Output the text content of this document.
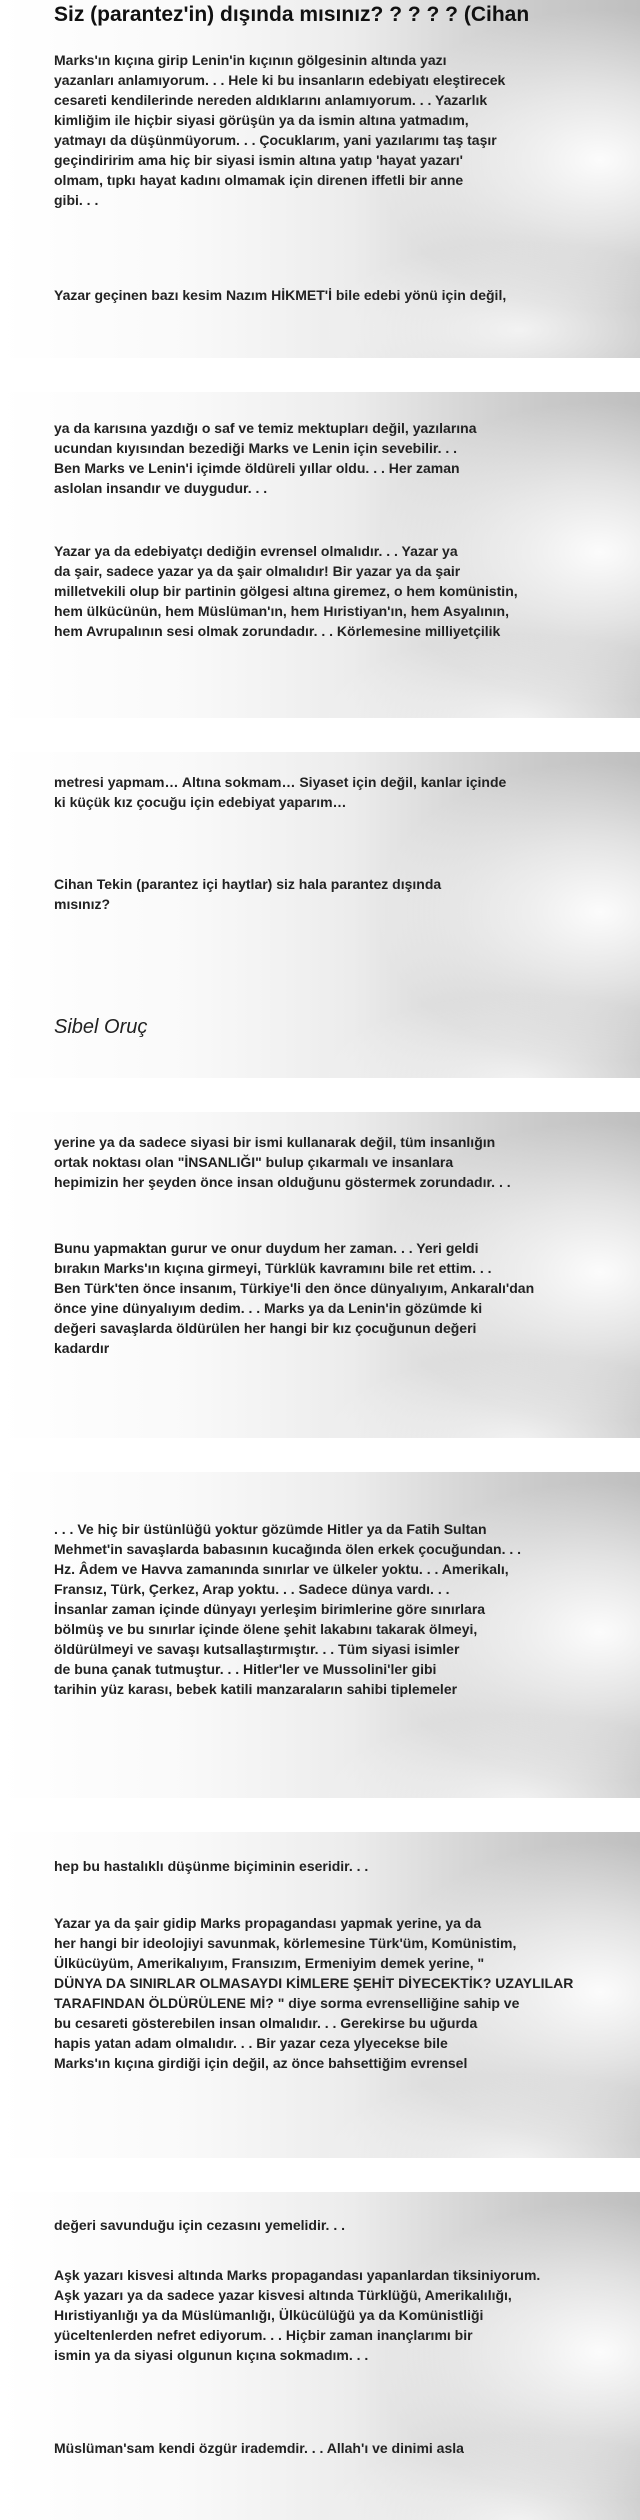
Siz (parantez'in) dışında mısınız? ? ? ? ? (Cihan

Marks'ın kıçına girip Lenin'in kıçının gölgesinin altında yazı
yazanları anlamıyorum. . . Hele ki bu insanların edebiyatı eleştirecek
cesareti kendilerinde nereden aldıklarını anlamıyorum. . . Yazarlık
kimliğim ile hiçbir siyasi görüşün ya da ismin altına yatmadım,
yatmayı da düşünmüyorum. . . Çocuklarım, yani yazılarımı taş taşır
geçindiririm ama hiç bir siyasi ismin altına yatıp 'hayat yazarı'
olmam, tıpkı hayat kadını olmamak için direnen iffetli bir anne
gibi. . .

Yazar geçinen bazı kesim Nazım HİKMET'İ bile edebi yönü için değil,

ya da karısına yazdığı o saf ve temiz mektupları değil, yazılarına
ucundan kıyısından bezediği Marks ve Lenin için sevebilir. . .
Ben Marks ve Lenin'i içimde öldüreli yıllar oldu. . . Her zaman
aslolan insandır ve duygudur. . .

Yazar ya da edebiyatçı dediğin evrensel olmalıdır. . . Yazar ya
da şair, sadece yazar ya da şair olmalıdır! Bir yazar ya da şair
milletvekili olup bir partinin gölgesi altına giremez, o hem komünistin,
hem ülkücünün, hem Müslüman'ın, hem Hıristiyan'ın, hem Asyalının,
hem Avrupalının sesi olmak zorundadır. . . Körlemesine milliyetçilik

metresi yapmam… Altına sokmam… Siyaset için değil, kanlar içinde
ki küçük kız çocuğu için edebiyat yaparım…

Cihan Tekin (parantez içi haytlar) siz hala parantez dışında
mısınız?

Sibel Oruç

yerine ya da sadece siyasi bir ismi kullanarak değil, tüm insanlığın
ortak noktası olan "İNSANLIĞI" bulup çıkarmalı ve insanlara
hepimizin her şeyden önce insan olduğunu göstermek zorundadır. . .

Bunu yapmaktan gurur ve onur duydum her zaman. . . Yeri geldi
bırakın Marks'ın kıçına girmeyi, Türklük kavramını bile ret ettim. . .
Ben Türk'ten önce insanım, Türkiye'li den önce dünyalıyım, Ankaralı'dan
önce yine dünyalıyım dedim. . . Marks ya da Lenin'in gözümde ki
değeri savaşlarda öldürülen her hangi bir kız çocuğunun değeri
kadardır

. . . Ve hiç bir üstünlüğü yoktur gözümde Hitler ya da Fatih Sultan
Mehmet'in savaşlarda babasının kucağında ölen erkek çocuğundan. . .
Hz. Âdem ve Havva zamanında sınırlar ve ülkeler yoktu. . . Amerikalı,
Fransız, Türk, Çerkez, Arap yoktu. . . Sadece dünya vardı. . .
İnsanlar zaman içinde dünyayı yerleşim birimlerine göre sınırlara
bölmüş ve bu sınırlar içinde ölene şehit lakabını takarak ölmeyi,
öldürülmeyi ve savaşı kutsallaştırmıştır. . . Tüm siyasi isimler
de buna çanak tutmuştur. . . Hitler'ler ve Mussolini'ler gibi
tarihin yüz karası, bebek katili manzaraların sahibi tiplemeler

hep bu hastalıklı düşünme biçiminin eseridir. . .

Yazar ya da şair gidip Marks propagandası yapmak yerine, ya da
her hangi bir ideolojiyi savunmak, körlemesine Türk'üm, Komünistim,
Ülkücüyüm, Amerikalıyım, Fransızım, Ermeniyim demek yerine, "
DÜNYA DA SINIRLAR OLMASAYDI KİMLERE ŞEHİT DİYECEKTİK? UZAYLILAR
TARAFINDAN ÖLDÜRÜLENE Mİ? " diye sorma evrenselliğine sahip ve
bu cesareti gösterebilen insan olmalıdır. . . Gerekirse bu uğurda
hapis yatan adam olmalıdır. . . Bir yazar ceza ylyecekse bile
Marks'ın kıçına girdiği için değil, az önce bahsettiğim evrensel

değeri savunduğu için cezasını yemelidir. . .

Aşk yazarı kisvesi altında Marks propagandası yapanlardan tiksiniyorum.
Aşk yazarı ya da sadece yazar kisvesi altında Türklüğü, Amerikalılığı,
Hıristiyanlığı ya da Müslümanlığı, Ülkücülüğü ya da Komünistliği
yüceltenlerden nefret ediyorum. . . Hiçbir zaman inançlarımı bir
ismin ya da siyasi olgunun kıçına sokmadım. . .

Müslüman'sam kendi özgür irademdir. . . Allah'ı ve dinimi asla
